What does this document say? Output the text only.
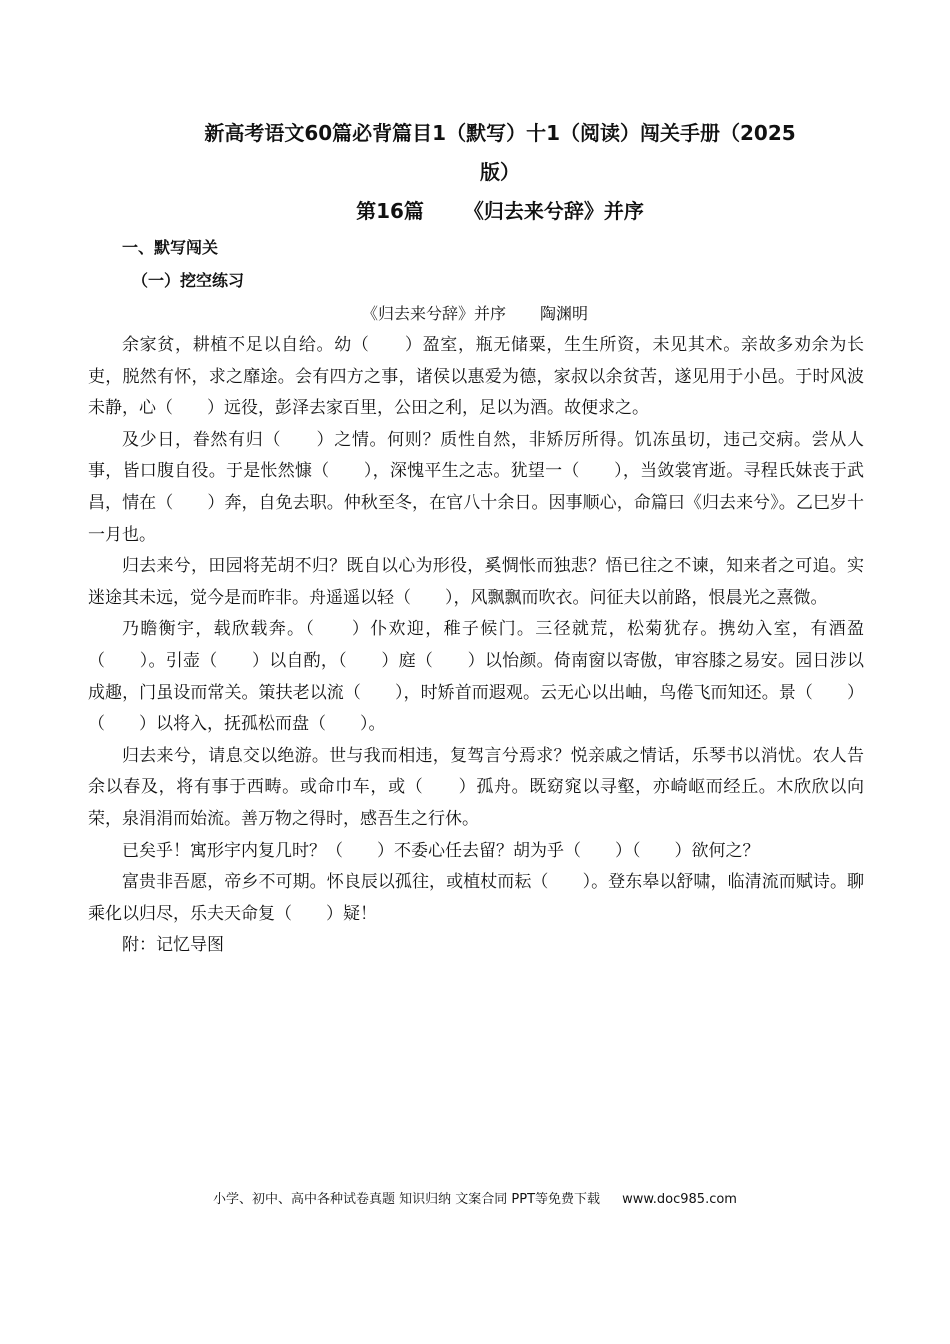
新高考语文60篇必背篇目1（默写）十1（阅读）闯关手册（2025
版）
第16篇 《归去来兮辞》并序
一、默写闯关
（一）挖空练习
《归去来兮辞》并序 陶渊明

余家贫，耕植不足以自给。幼（　　）盈室，瓶无储粟，生生所资，未见其术。亲故多劝余为长吏，脱然有怀，求之靡途。会有四方之事，诸侯以惠爱为德，家叔以余贫苦，遂见用于小邑。于时风波未静，心（　　）远役，彭泽去家百里，公田之利，足以为酒。故便求之。

及少日，眷然有归（　　）之情。何则？质性自然，非矫厉所得。饥冻虽切，违己交病。尝从人事，皆口腹自役。于是怅然慷（　　），深愧平生之志。犹望一（　　），当敛裳宵逝。寻程氏妹丧于武昌，情在（　　）奔，自免去职。仲秋至冬，在官八十余日。因事顺心，命篇曰《归去来兮》。乙巳岁十一月也。

归去来兮，田园将芜胡不归？既自以心为形役，奚惆怅而独悲？悟已往之不谏，知来者之可追。实迷途其未远，觉今是而昨非。舟遥遥以轻（　　），风飘飘而吹衣。问征夫以前路，恨晨光之熹微。

乃瞻衡宇，载欣载奔。（　　）仆欢迎，稚子候门。三径就荒，松菊犹存。携幼入室，有酒盈（　　）。引壶（　　）以自酌，（　　）庭（　　）以怡颜。倚南窗以寄傲，审容膝之易安。园日涉以成趣，门虽设而常关。策扶老以流（　　），时矫首而遐观。云无心以出岫，鸟倦飞而知还。景（　　）（　　）以将入，抚孤松而盘（　　）。

归去来兮，请息交以绝游。世与我而相违，复驾言兮焉求？悦亲戚之情话，乐琴书以消忧。农人告余以春及，将有事于西畴。或命巾车，或（　　）孤舟。既窈窕以寻壑，亦崎岖而经丘。木欣欣以向荣，泉涓涓而始流。善万物之得时，感吾生之行休。

已矣乎！寓形宇内复几时？（　　）不委心任去留？胡为乎（　　）（　　）欲何之？

富贵非吾愿，帝乡不可期。怀良辰以孤往，或植杖而耘（　　）。登东皋以舒啸，临清流而赋诗。聊乘化以归尽，乐夫天命复（　　）疑！

附：记忆导图

小学、初中、高中各种试卷真题 知识归纳 文案合同 PPT等免费下载 www.doc985.com
